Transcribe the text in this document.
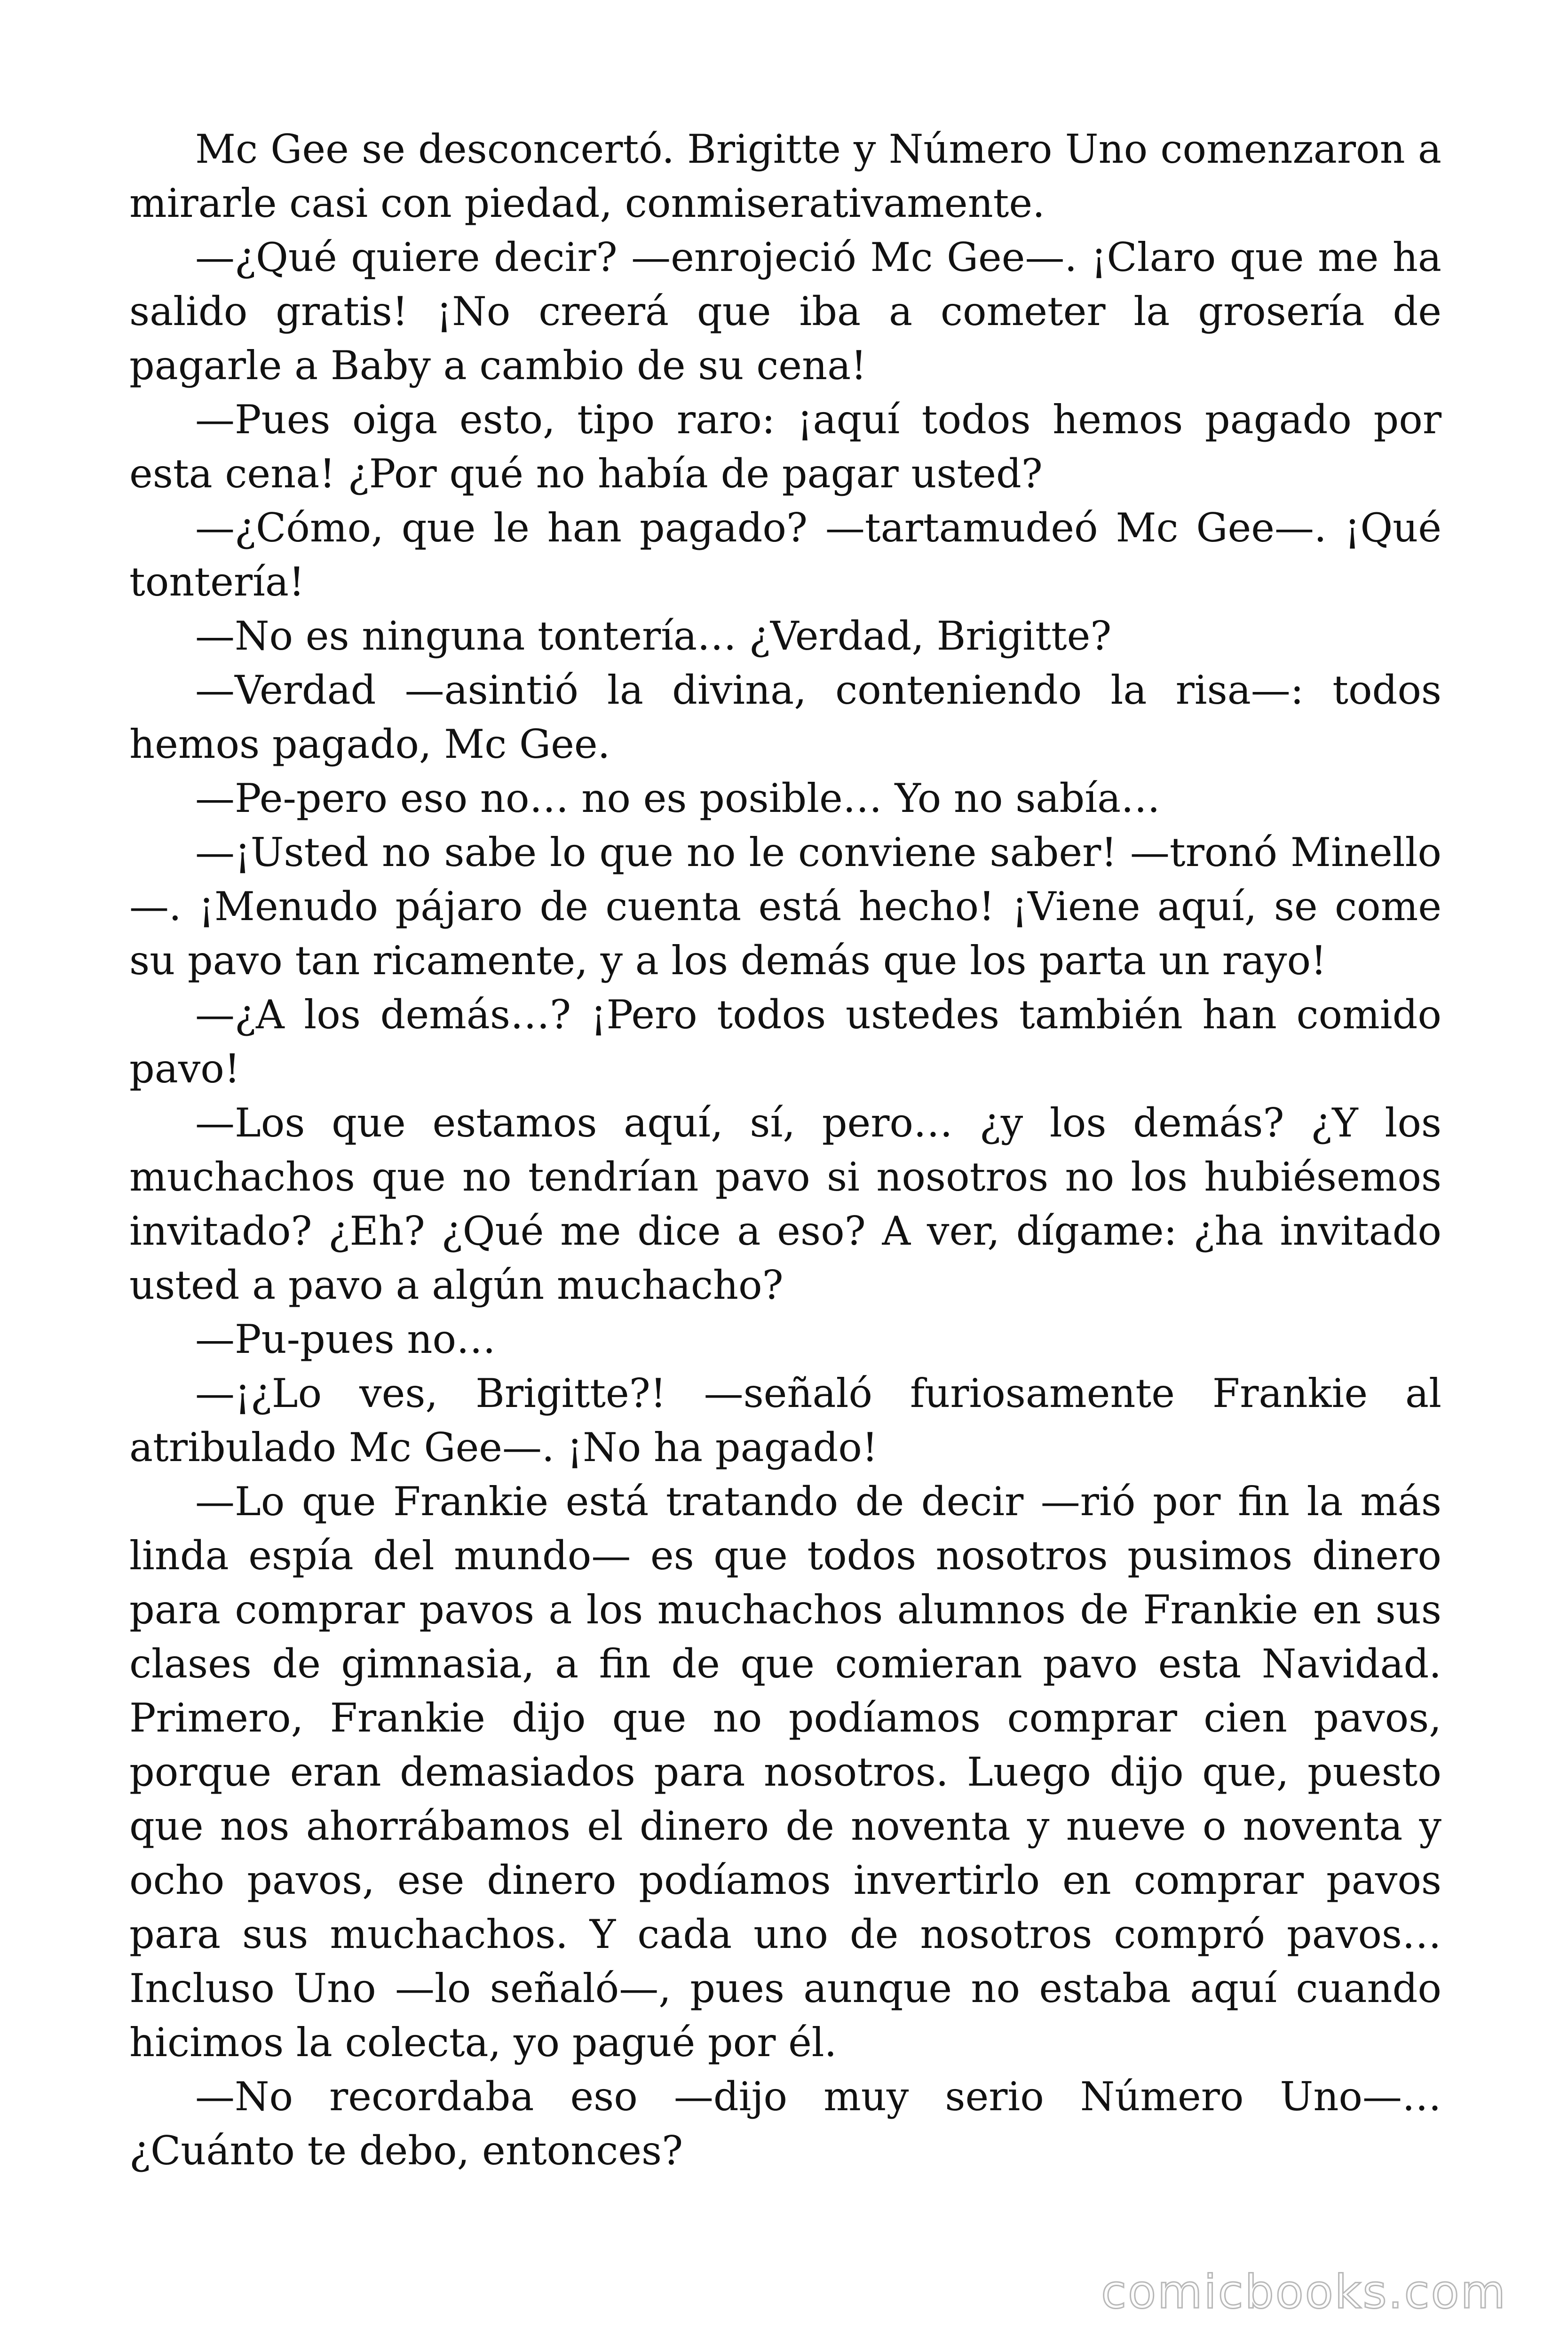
Mc Gee se desconcertó. Brigitte y Número Uno comenzaron a mirarle casi con piedad, conmiserativamente.

—¿Qué quiere decir? —enrojeció Mc Gee—. ¡Claro que me ha salido gratis! ¡No creerá que iba a cometer la grosería de pagarle a Baby a cambio de su cena!

—Pues oiga esto, tipo raro: ¡aquí todos hemos pagado por esta cena! ¿Por qué no había de pagar usted?

—¿Cómo, que le han pagado? —tartamudeó Mc Gee—. ¡Qué tontería!

—No es ninguna tontería… ¿Verdad, Brigitte?

—Verdad —asintió la divina, conteniendo la risa—: todos hemos pagado, Mc Gee.

—Pe-pero eso no… no es posible… Yo no sabía…

—¡Usted no sabe lo que no le conviene saber! —tronó Minello—. ¡Menudo pájaro de cuenta está hecho! ¡Viene aquí, se come su pavo tan ricamente, y a los demás que los parta un rayo!

—¿A los demás…? ¡Pero todos ustedes también han comido pavo!

—Los que estamos aquí, sí, pero… ¿y los demás? ¿Y los muchachos que no tendrían pavo si nosotros no los hubiésemos invitado? ¿Eh? ¿Qué me dice a eso? A ver, dígame: ¿ha invitado usted a pavo a algún muchacho?

—Pu-pues no…

—¡¿Lo ves, Brigitte?! —señaló furiosamente Frankie al atribulado Mc Gee—. ¡No ha pagado!

—Lo que Frankie está tratando de decir —rió por fin la más linda espía del mundo— es que todos nosotros pusimos dinero para comprar pavos a los muchachos alumnos de Frankie en sus clases de gimnasia, a fin de que comieran pavo esta Navidad. Primero, Frankie dijo que no podíamos comprar cien pavos, porque eran demasiados para nosotros. Luego dijo que, puesto que nos ahorrábamos el dinero de noventa y nueve o noventa y ocho pavos, ese dinero podíamos invertirlo en comprar pavos para sus muchachos. Y cada uno de nosotros compró pavos… Incluso Uno —lo señaló—, pues aunque no estaba aquí cuando hicimos la colecta, yo pagué por él.

—No recordaba eso —dijo muy serio Número Uno—… ¿Cuánto te debo, entonces?

comicbooks.com
